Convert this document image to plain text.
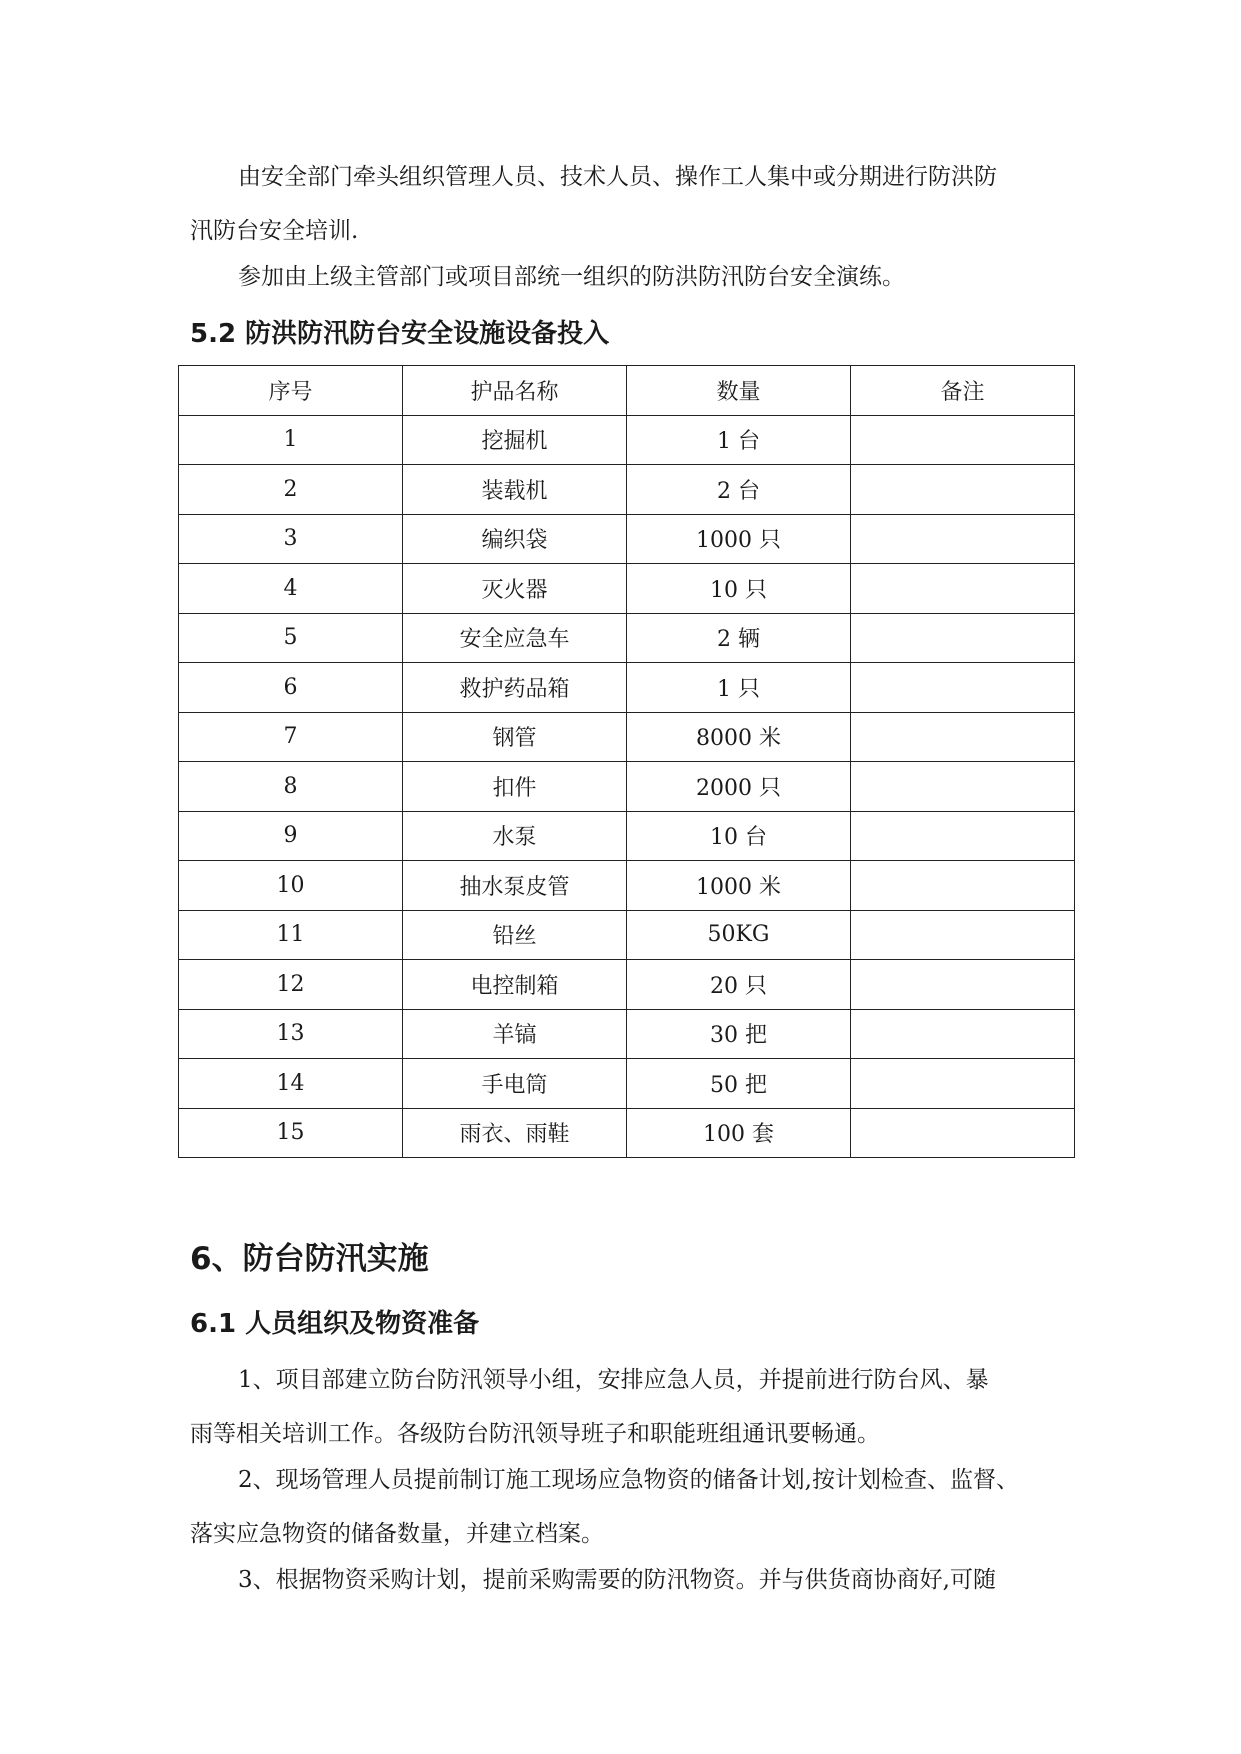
由安全部门牵头组织管理人员、技术人员、操作工人集中或分期进行防洪防
汛防台安全培训.

参加由上级主管部门或项目部统一组织的防洪防汛防台安全演练。

5.2 防洪防汛防台安全设施设备投入
序号	护品名称	数量	备注
1	挖掘机	1 台	
2	装载机	2 台	
3	编织袋	1000 只	
4	灭火器	10 只	
5	安全应急车	2 辆	
6	救护药品箱	1 只	
7	钢管	8000 米	
8	扣件	2000 只	
9	水泵	10 台	
10	抽水泵皮管	1000 米	
11	铅丝	50KG	
12	电控制箱	20 只	
13	羊镐	30 把	
14	手电筒	50 把	
15	雨衣、雨鞋	100 套	
6、防台防汛实施
6.1 人员组织及物资准备

1、项目部建立防台防汛领导小组，安排应急人员，并提前进行防台风、暴
雨等相关培训工作。各级防台防汛领导班子和职能班组通讯要畅通。

2、现场管理人员提前制订施工现场应急物资的储备计划,按计划检查、监督、
落实应急物资的储备数量，并建立档案。

3、根据物资采购计划，提前采购需要的防汛物资。并与供货商协商好,可随
